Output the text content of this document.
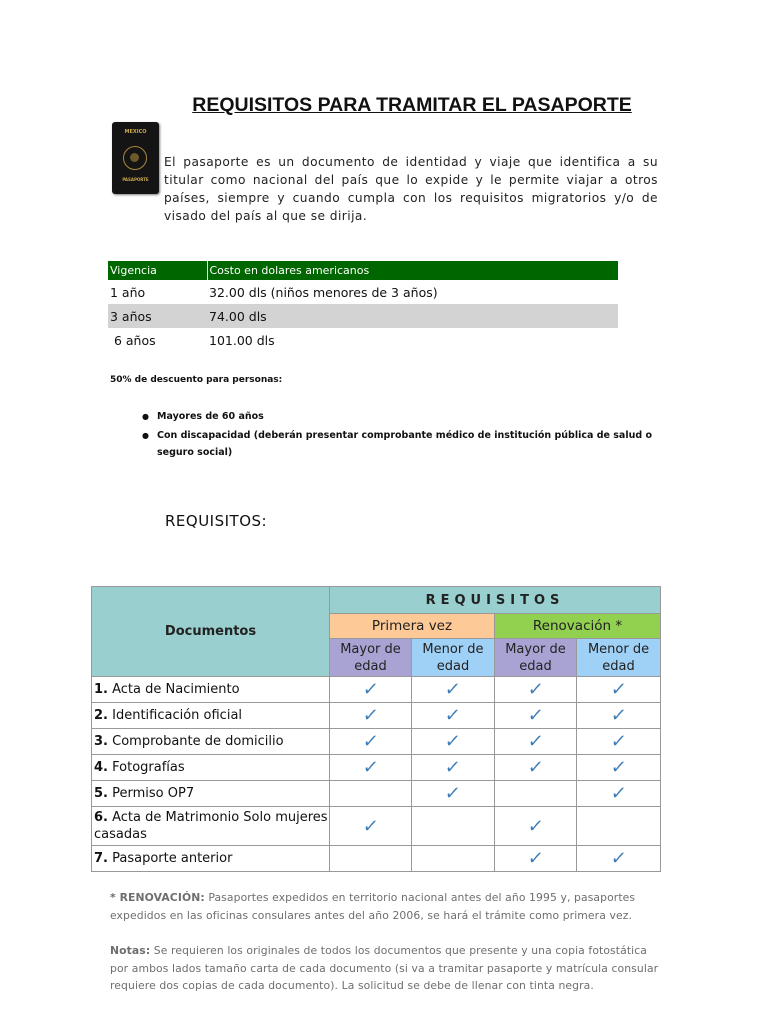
REQUISITOS PARA TRAMITAR EL PASAPORTE
MEXICO
PASAPORTE
El pasaporte es un documento de identidad y viaje que identifica a su titular como nacional del país que lo expide y le permite viajar a otros países, siempre y cuando cumpla con los requisitos migratorios y/o de visado del país al que se dirija.
Vigencia	Costo en dolares americanos
1 año	32.00 dls (niños menores de 3 años)
3 años	74.00 dls
6 años	101.00 dls
50% de descuento para personas:
● Mayores de 60 años
● Con discapacidad (deberán presentar comprobante médico de institución pública de salud o seguro social)
REQUISITOS:
Documentos	REQUISITOS			
	Primera vez		Renovación *	
	Mayor de edad	Menor de edad	Mayor de edad	Menor de edad
1. Acta de Nacimiento	✓	✓	✓	✓
2. Identificación oficial	✓	✓	✓	✓
3. Comprobante de domicilio	✓	✓	✓	✓
4. Fotografías	✓	✓	✓	✓
5. Permiso OP7		✓		✓
6. Acta de Matrimonio Solo mujeres casadas	✓		✓	
7. Pasaporte anterior			✓	✓
* RENOVACIÓN: Pasaportes expedidos en territorio nacional antes del año 1995 y, pasaportes expedidos en las oficinas consulares antes del año 2006, se hará el trámite como primera vez.
Notas: Se requieren los originales de todos los documentos que presente y una copia fotostática por ambos lados tamaño carta de cada documento (si va a tramitar pasaporte y matrícula consular requiere dos copias de cada documento). La solicitud se debe de llenar con tinta negra.
